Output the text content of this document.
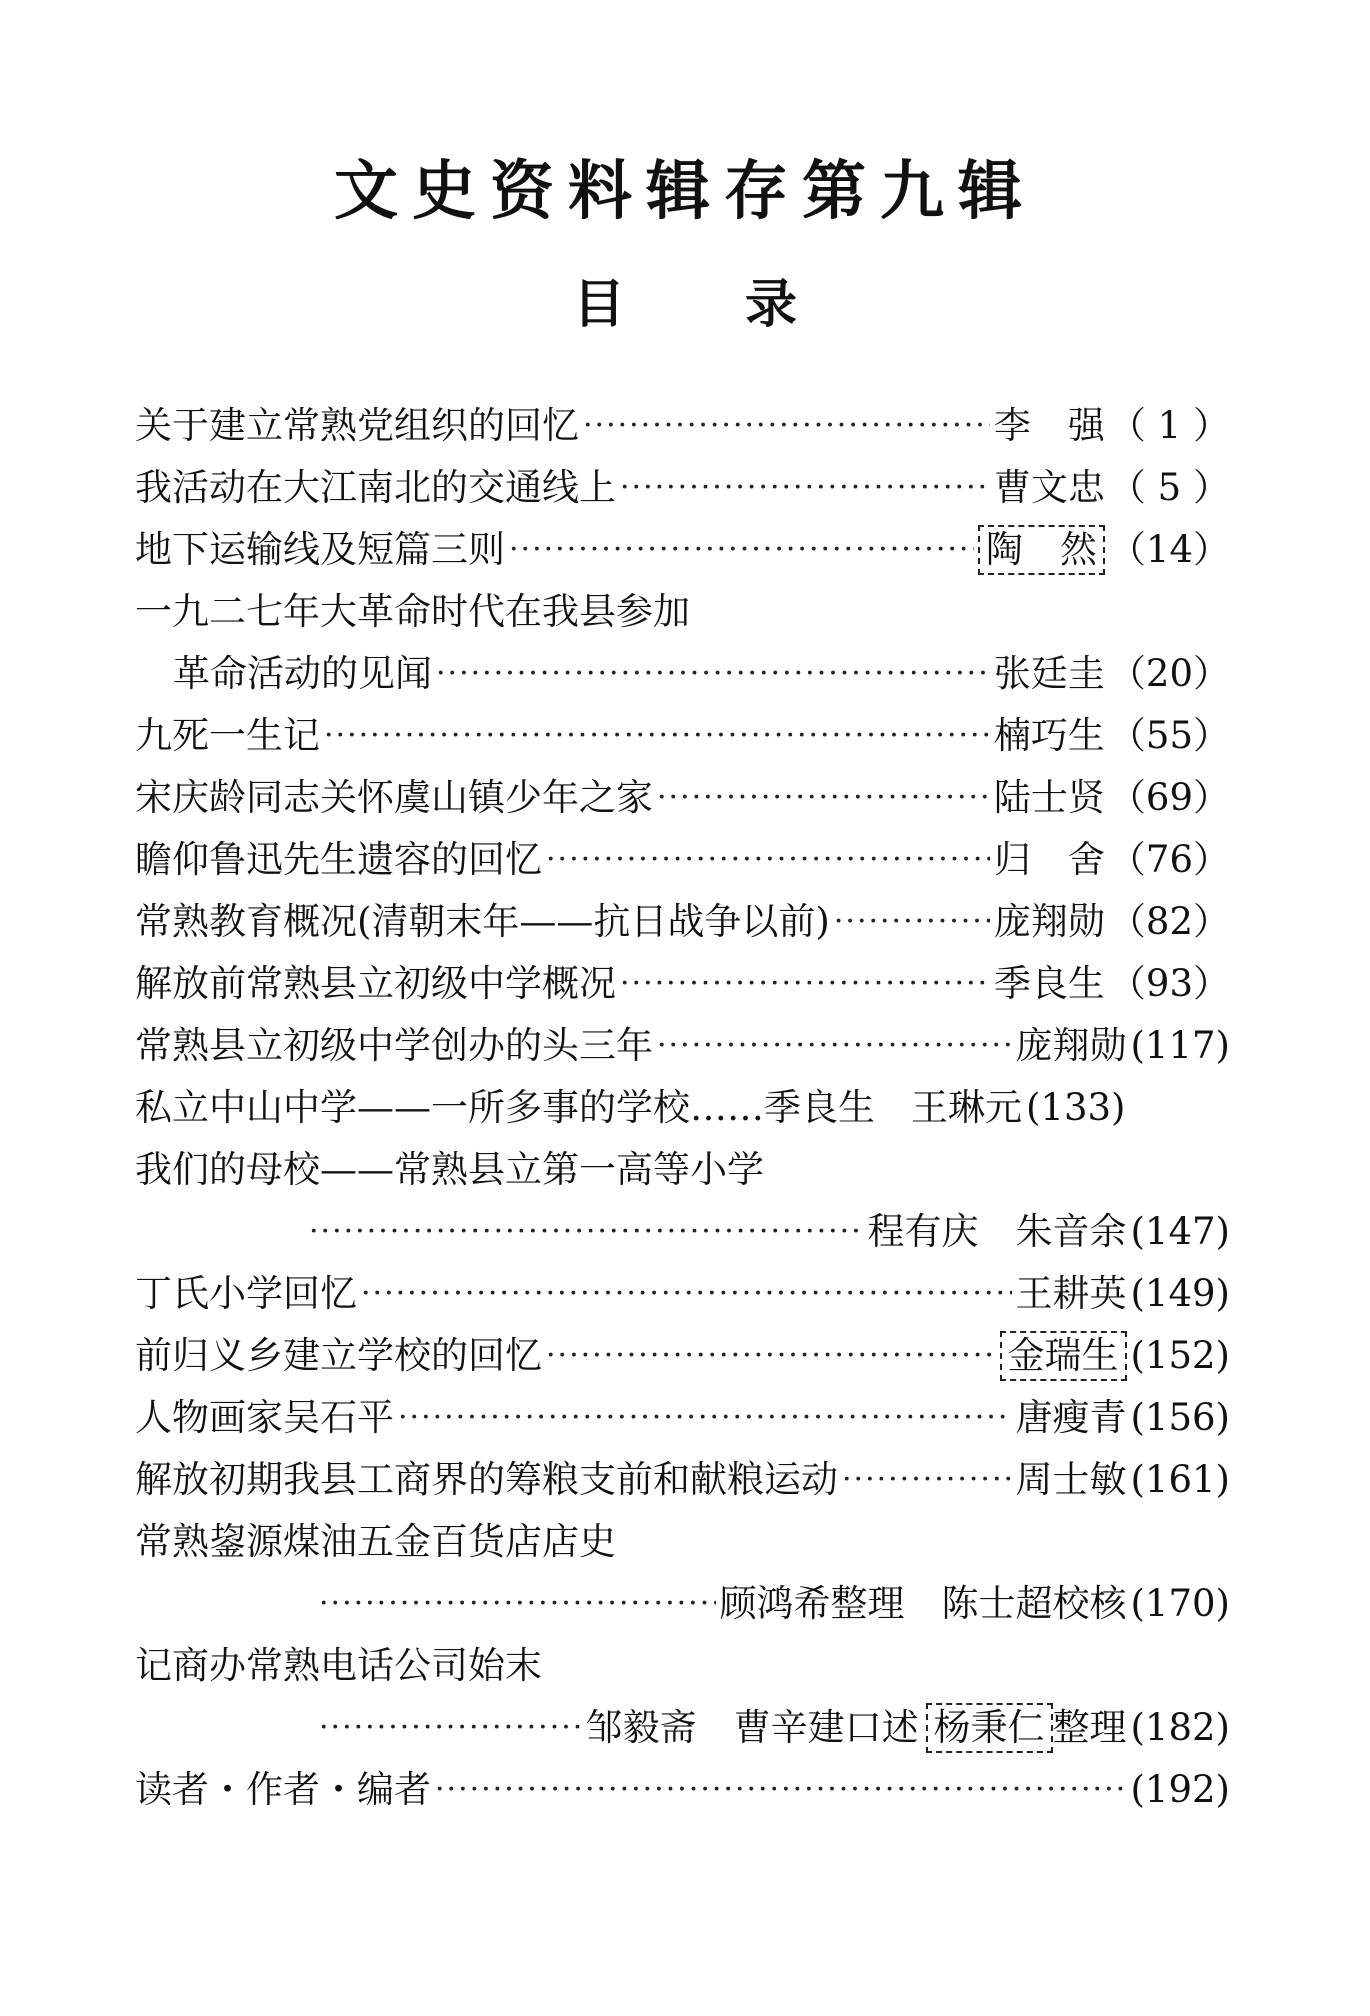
文史资料辑存第九辑
目 录
关于建立常熟党组织的回忆 ·····	李　强 （ 1 ）
我活动在大江南北的交通线上 ·····	曹文忠 （ 5 ）
地下运输线及短篇三则 ·····	陶　然 （14）
一九二七年大革命时代在我县参加
革命活动的见闻 ·····	张廷圭 （20）
九死一生记 ·····	楠巧生 （55）
宋庆龄同志关怀虞山镇少年之家 ·····	陆士贤 （69）
瞻仰鲁迅先生遗容的回忆 ·····	归　舍 （76）
常熟教育概况(清朝末年——抗日战争以前) ·····	庞翔勋 （82）
解放前常熟县立初级中学概况 ·····	季良生 （93）
常熟县立初级中学创办的头三年 ·····	庞翔勋 (117)
私立中山中学——一所多事的学校……季良生 王琳元 (133)
我们的母校——常熟县立第一高等小学
·····
程有庆　朱音余 (147)
丁氏小学回忆 ·····	王耕英 (149)
前归义乡建立学校的回忆 ·····	金瑞生 (152)
人物画家吴石平 ·····	唐瘦青 (156)
解放初期我县工商界的筹粮支前和献粮运动 ·····	周士敏 (161)
常熟鋆源煤油五金百货店店史
·····
顾鸿希整理　陈士超校核 (170)
记商办常熟电话公司始末
·····
邹毅斋　曹辛建口述 杨秉仁 整理 (182)
读者・作者・编者 ·····	(192)
